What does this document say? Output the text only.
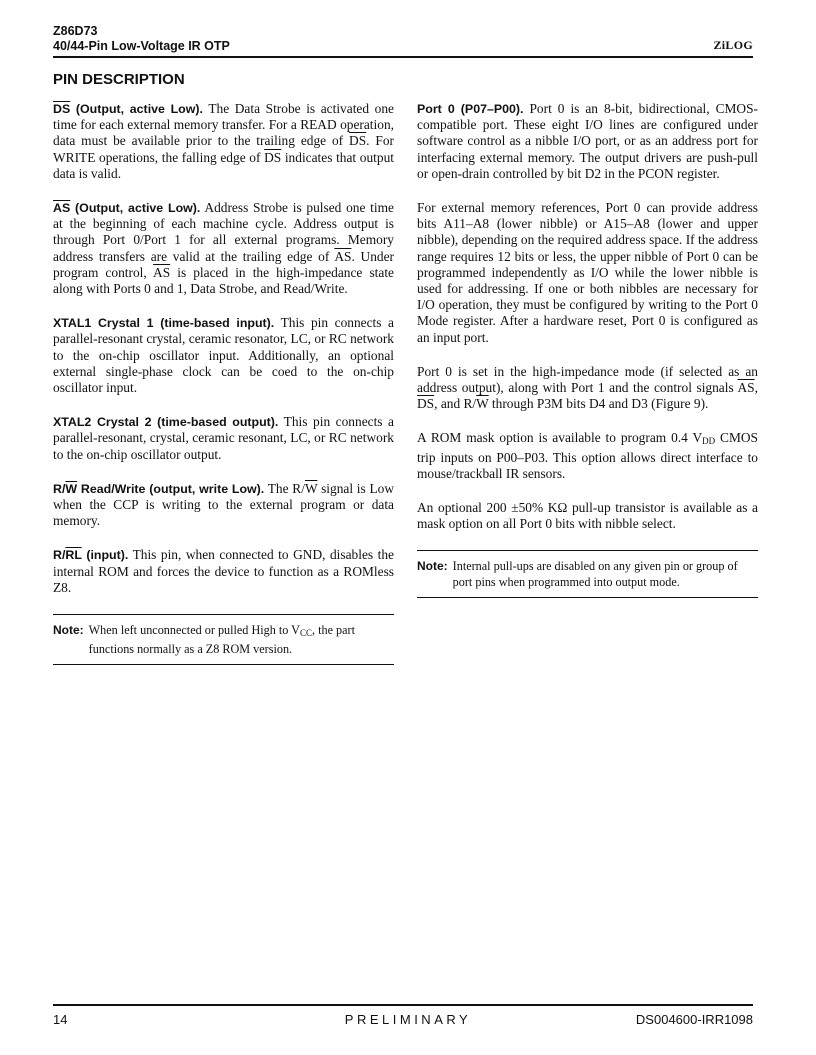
Z86D73
40/44-Pin Low-Voltage IR OTP	ZiLOG
PIN DESCRIPTION

$\overline{DS}$ (Output, active Low). The Data Strobe is activated one time for each external memory transfer. For a READ operation, data must be available prior to the trailing edge of $\overline{DS}$. For WRITE operations, the falling edge of $\overline{DS}$ indicates that output data is valid.

$\overline{AS}$ (Output, active Low). Address Strobe is pulsed one time at the beginning of each machine cycle. Address output is through Port 0/Port 1 for all external programs. Memory address transfers are valid at the trailing edge of $\overline{AS}$. Under program control, $\overline{AS}$ is placed in the high-impedance state along with Ports 0 and 1, Data Strobe, and Read/Write.

XTAL1 Crystal 1 (time-based input). This pin connects a parallel-resonant crystal, ceramic resonator, LC, or RC network to the on-chip oscillator input. Additionally, an optional external single-phase clock can be coed to the on-chip oscillator input.

XTAL2 Crystal 2 (time-based output). This pin connects a parallel-resonant, crystal, ceramic resonant, LC, or RC network to the on-chip oscillator output.

$R/\overline{W}$ Read/Write (output, write Low). The $R/\overline{W}$ signal is Low when the CCP is writing to the external program or data memory.

$R/\overline{RL}$ (input). This pin, when connected to GND, disables the internal ROM and forces the device to function as a ROMless Z8.

Note: When left unconnected or pulled High to $V_{CC}$, the part functions normally as a Z8 ROM version.

Port 0 (P07–P00). Port 0 is an 8-bit, bidirectional, CMOS-compatible port. These eight I/O lines are configured under software control as a nibble I/O port, or as an address port for interfacing external memory. The output drivers are push-pull or open-drain controlled by bit D2 in the PCON register.

For external memory references, Port 0 can provide address bits A11–A8 (lower nibble) or A15–A8 (lower and upper nibble), depending on the required address space. If the address range requires 12 bits or less, the upper nibble of Port 0 can be programmed independently as I/O while the lower nibble is used for addressing. If one or both nibbles are necessary for I/O operation, they must be configured by writing to the Port 0 Mode register. After a hardware reset, Port 0 is configured as an input port.

Port 0 is set in the high-impedance mode (if selected as an address output), along with Port 1 and the control signals $\overline{AS}$, $\overline{DS}$, and $R/\overline{W}$ through P3M bits D4 and D3 (Figure 9).

A ROM mask option is available to program 0.4 $V_{DD}$ CMOS trip inputs on P00–P03. This option allows direct interface to mouse/trackball IR sensors.

An optional 200 ±50% KΩ pull-up transistor is available as a mask option on all Port 0 bits with nibble select.

Note: Internal pull-ups are disabled on any given pin or group of port pins when programmed into output mode.
14	PRELIMINARY	DS004600-IRR1098
